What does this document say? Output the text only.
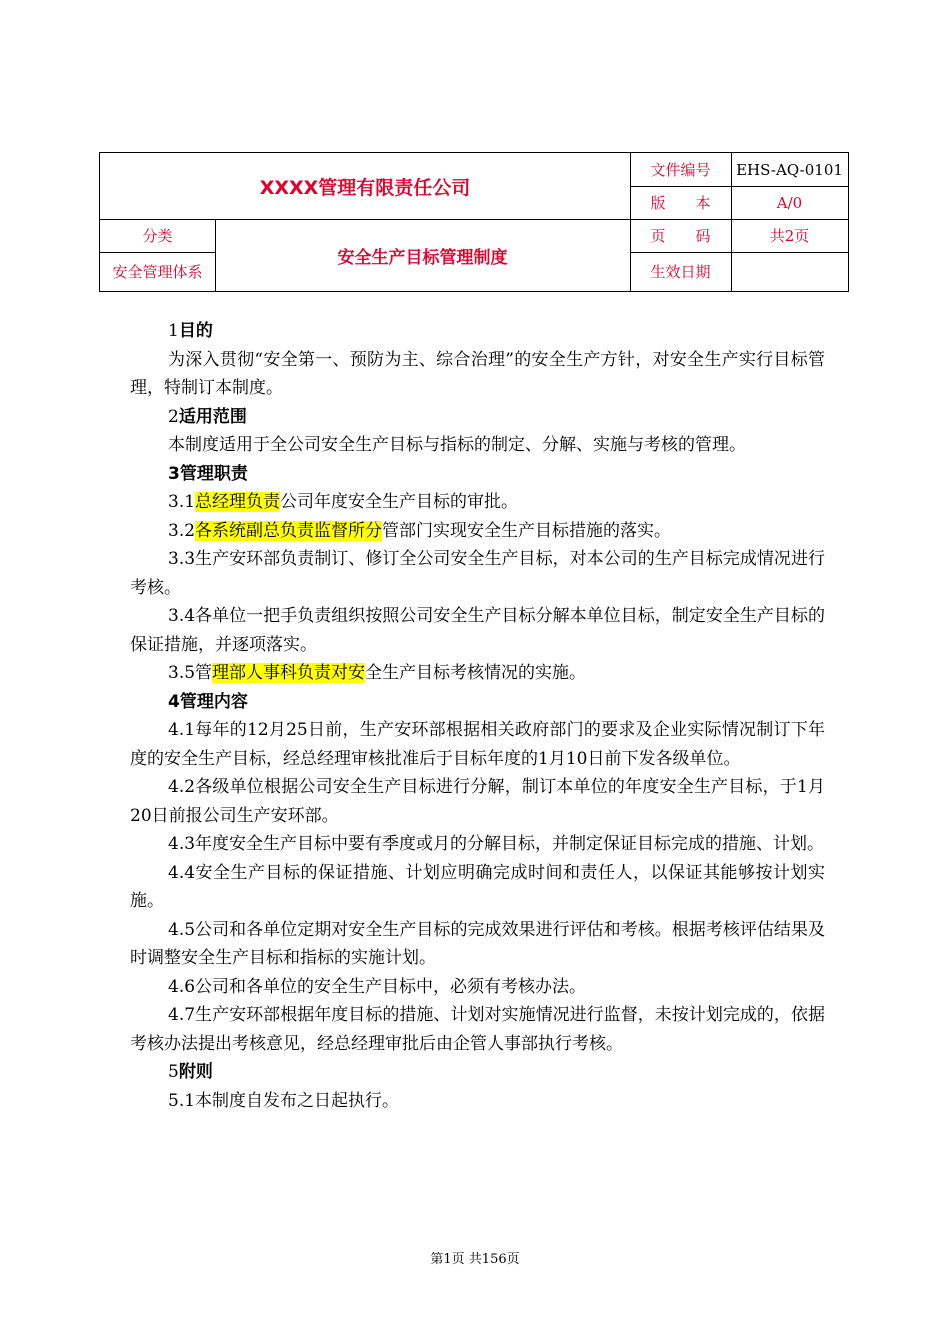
XXXX管理有限责任公司
文件编号	EHS-AQ-0101
版　　本	A/0
分类
安全管理体系
安全生产目标管理制度
页　　码	共2页
生效日期

1目的

为深入贯彻“安全第一、预防为主、综合治理”的安全生产方针，对安全生产实行目标管理，特制订本制度。

2适用范围

本制度适用于全公司安全生产目标与指标的制定、分解、实施与考核的管理。

3管理职责

3.1总经理负责公司年度安全生产目标的审批。

3.2各系统副总负责监督所分管部门实现安全生产目标措施的落实。

3.3生产安环部负责制订、修订全公司安全生产目标，对本公司的生产目标完成情况进行考核。

3.4各单位一把手负责组织按照公司安全生产目标分解本单位目标，制定安全生产目标的保证措施，并逐项落实。

3.5管理部人事科负责对安全生产目标考核情况的实施。

4管理内容

4.1每年的12月25日前，生产安环部根据相关政府部门的要求及企业实际情况制订下年度的安全生产目标，经总经理审核批准后于目标年度的1月10日前下发各级单位。

4.2各级单位根据公司安全生产目标进行分解，制订本单位的年度安全生产目标，于1月20日前报公司生产安环部。

4.3年度安全生产目标中要有季度或月的分解目标，并制定保证目标完成的措施、计划。

4.4安全生产目标的保证措施、计划应明确完成时间和责任人，以保证其能够按计划实施。

4.5公司和各单位定期对安全生产目标的完成效果进行评估和考核。根据考核评估结果及时调整安全生产目标和指标的实施计划。

4.6公司和各单位的安全生产目标中，必须有考核办法。

4.7生产安环部根据年度目标的措施、计划对实施情况进行监督，未按计划完成的，依据考核办法提出考核意见，经总经理审批后由企管人事部执行考核。

5附则

5.1本制度自发布之日起执行。

第1页 共156页
